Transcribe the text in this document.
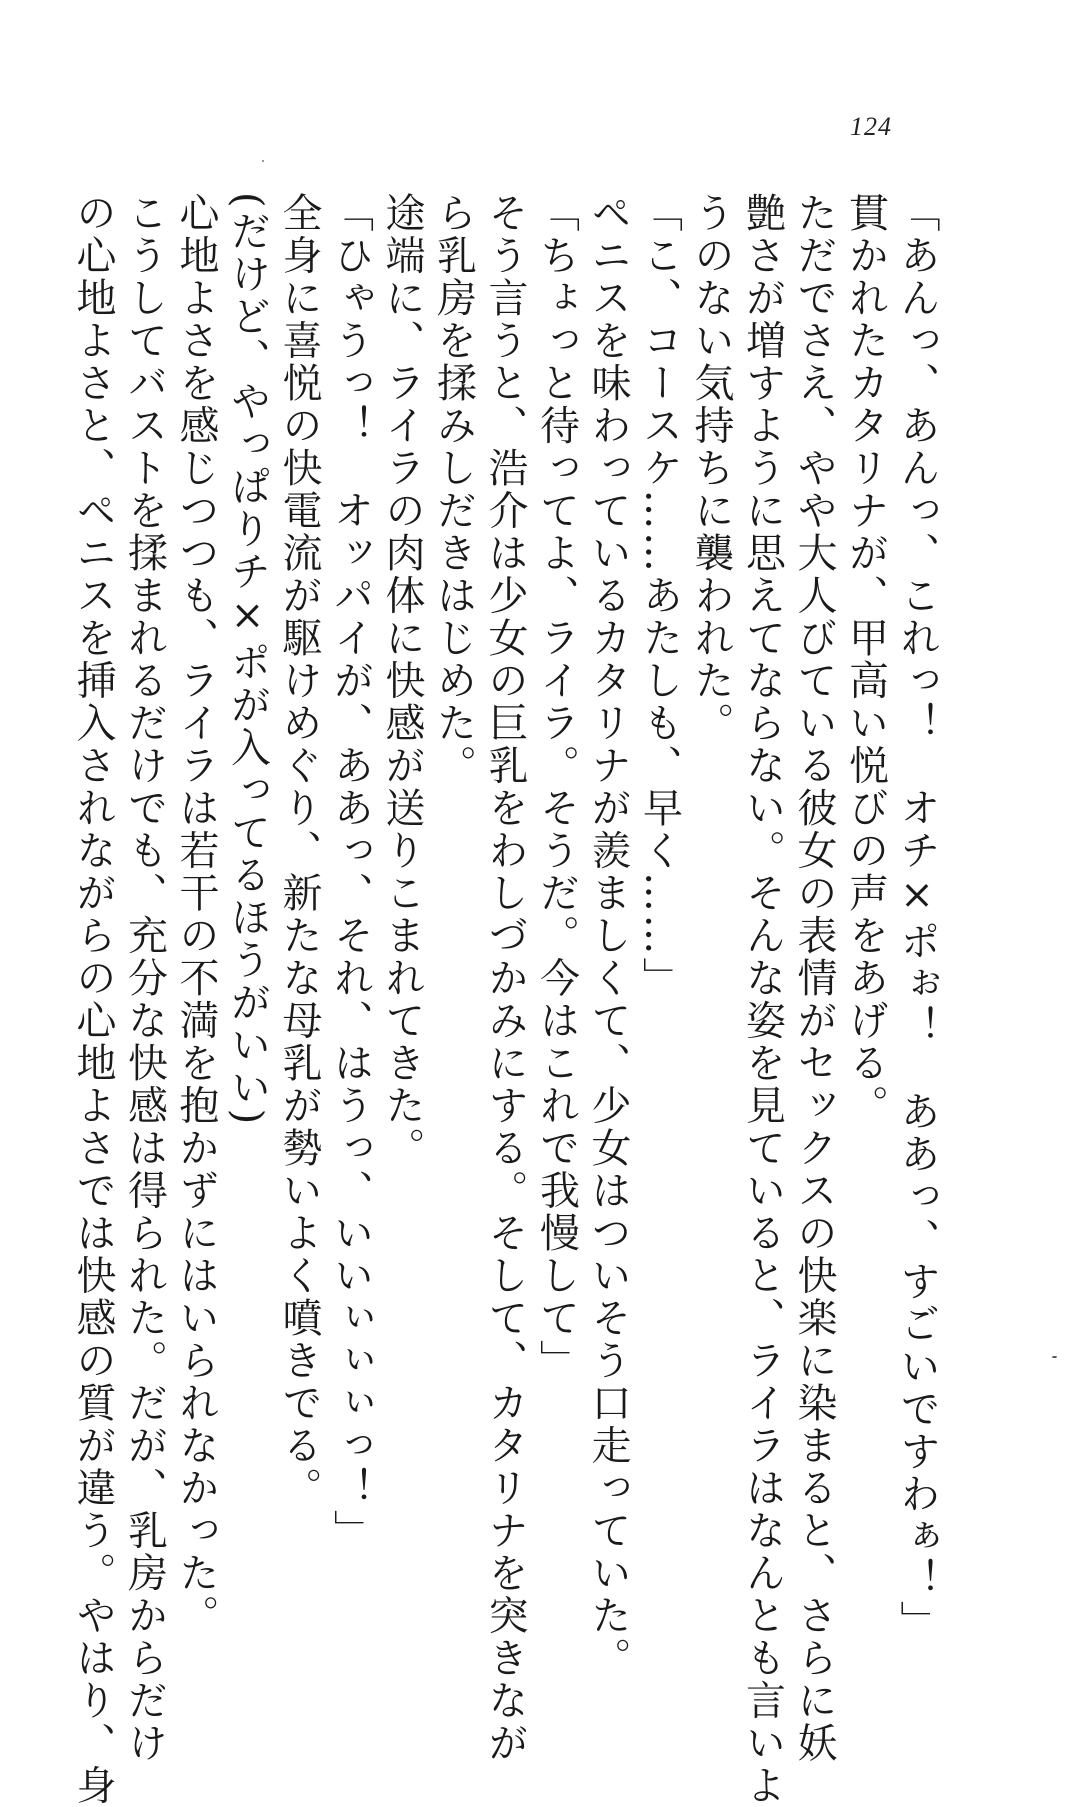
124
「あんっ、あんっ、これっ！　オチ×ポぉ！　ああっ、すごいですわぁ！」
貫かれたカタリナが、甲高い悦びの声をあげる。
ただでさえ、やや大人びている彼女の表情がセックスの快楽に染まると、さらに妖
艶さが増すように思えてならない。そんな姿を見ていると、ライラはなんとも言いよ
うのない気持ちに襲われた。
「こ、コースケ……あたしも、早く……」
ペニスを味わっているカタリナが羨ましくて、少女はついそう口走っていた。
「ちょっと待ってよ、ライラ。そうだ。今はこれで我慢して」
そう言うと、浩介は少女の巨乳をわしづかみにする。そして、カタリナを突きなが
ら乳房を揉みしだきはじめた。
途端に、ライラの肉体に快感が送りこまれてきた。
「ひゃうっ！　オッパイが、ああっ、それ、はうっ、いいぃぃぃっ！」
全身に喜悦の快電流が駆けめぐり、新たな母乳が勢いよく噴きでる。
(だけど、やっぱりチ×ポが入ってるほうがいい)
心地よさを感じつつも、ライラは若干の不満を抱かずにはいられなかった。
こうしてバストを揉まれるだけでも、充分な快感は得られた。だが、乳房からだけ
の心地よさと、ペニスを挿入されながらの心地よさでは快感の質が違う。やはり、身
